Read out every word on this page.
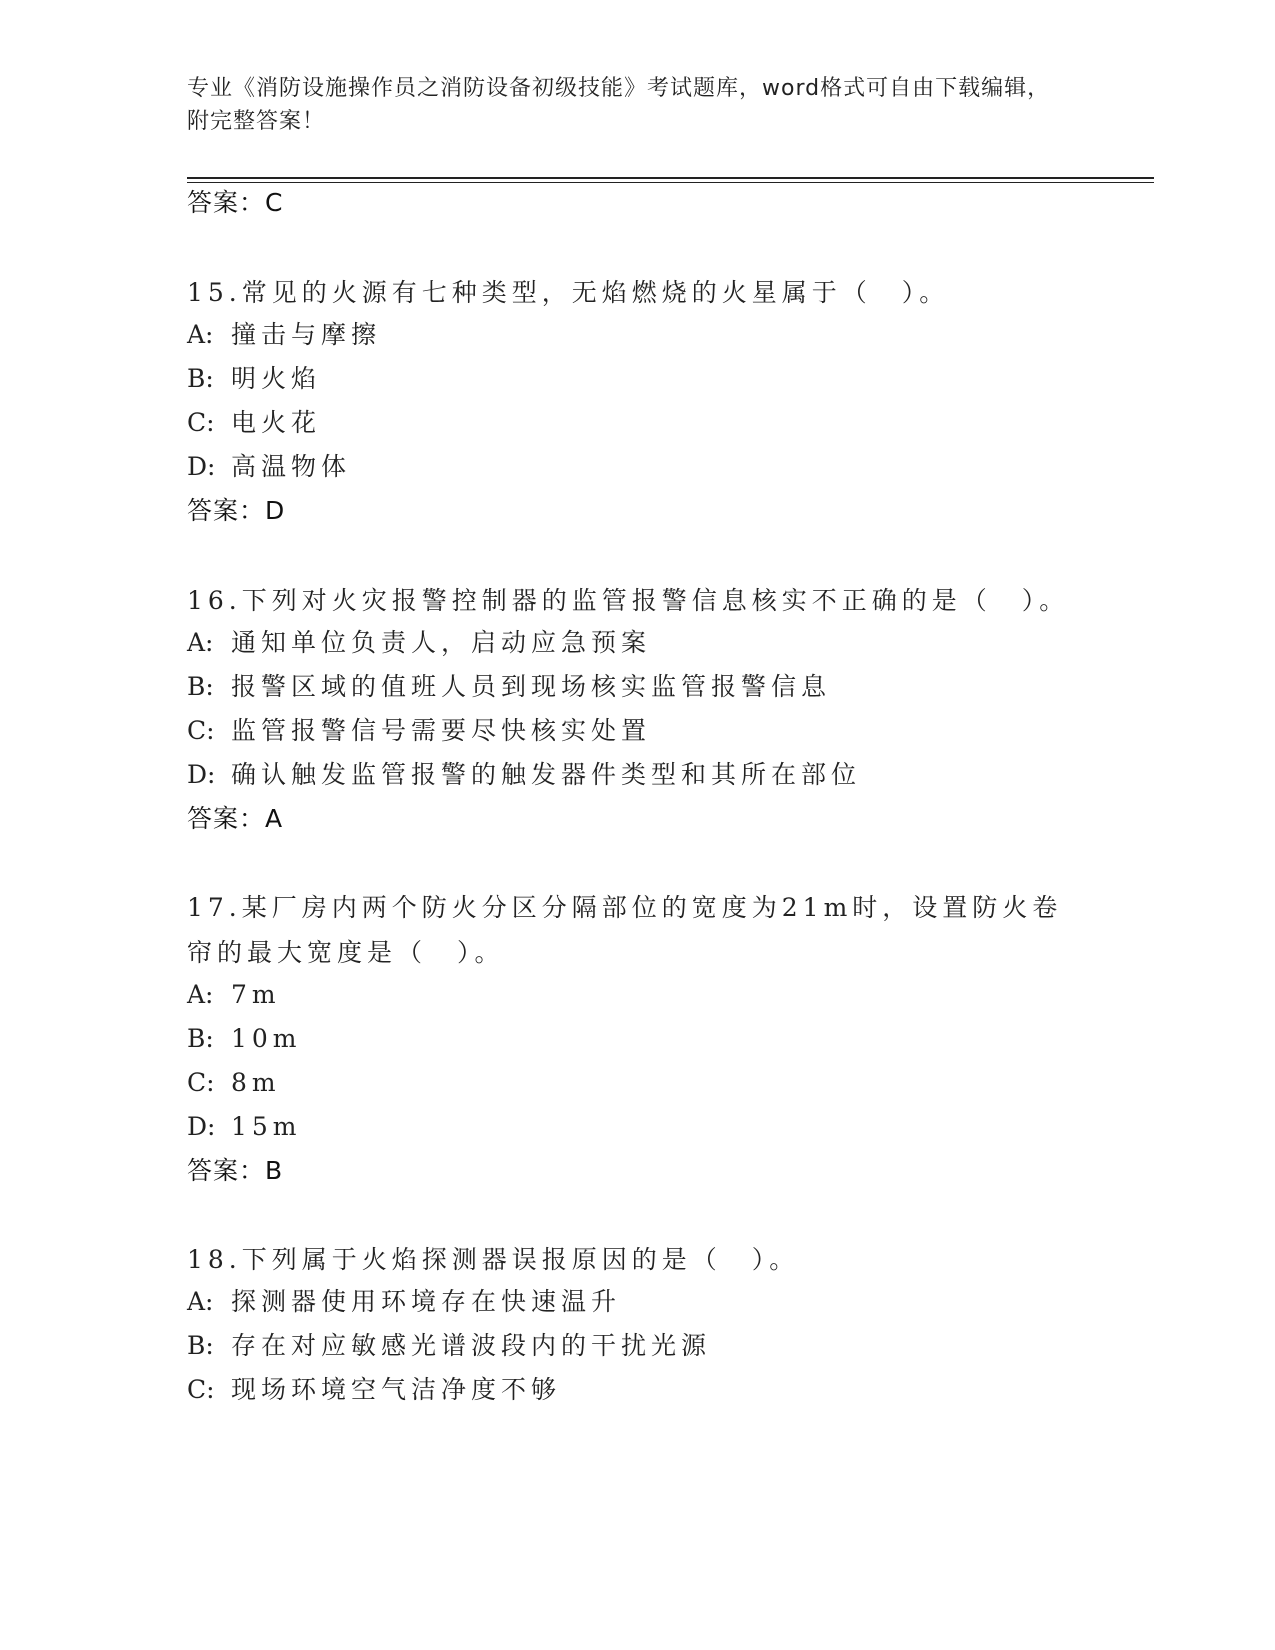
专业《消防设施操作员之消防设备初级技能》考试题库，word格式可自由下载编辑，附完整答案！
答案：C
15.常见的火源有七种类型，无焰燃烧的火星属于（　）。
A: 撞击与摩擦
B: 明火焰
C: 电火花
D: 高温物体
答案：D
16.下列对火灾报警控制器的监管报警信息核实不正确的是（　）。
A: 通知单位负责人，启动应急预案
B: 报警区域的值班人员到现场核实监管报警信息
C: 监管报警信号需要尽快核实处置
D: 确认触发监管报警的触发器件类型和其所在部位
答案：A
17.某厂房内两个防火分区分隔部位的宽度为21m时，设置防火卷帘的最大宽度是（　）。
A: 7m
B: 10m
C: 8m
D: 15m
答案：B
18.下列属于火焰探测器误报原因的是（　）。
A: 探测器使用环境存在快速温升
B: 存在对应敏感光谱波段内的干扰光源
C: 现场环境空气洁净度不够
